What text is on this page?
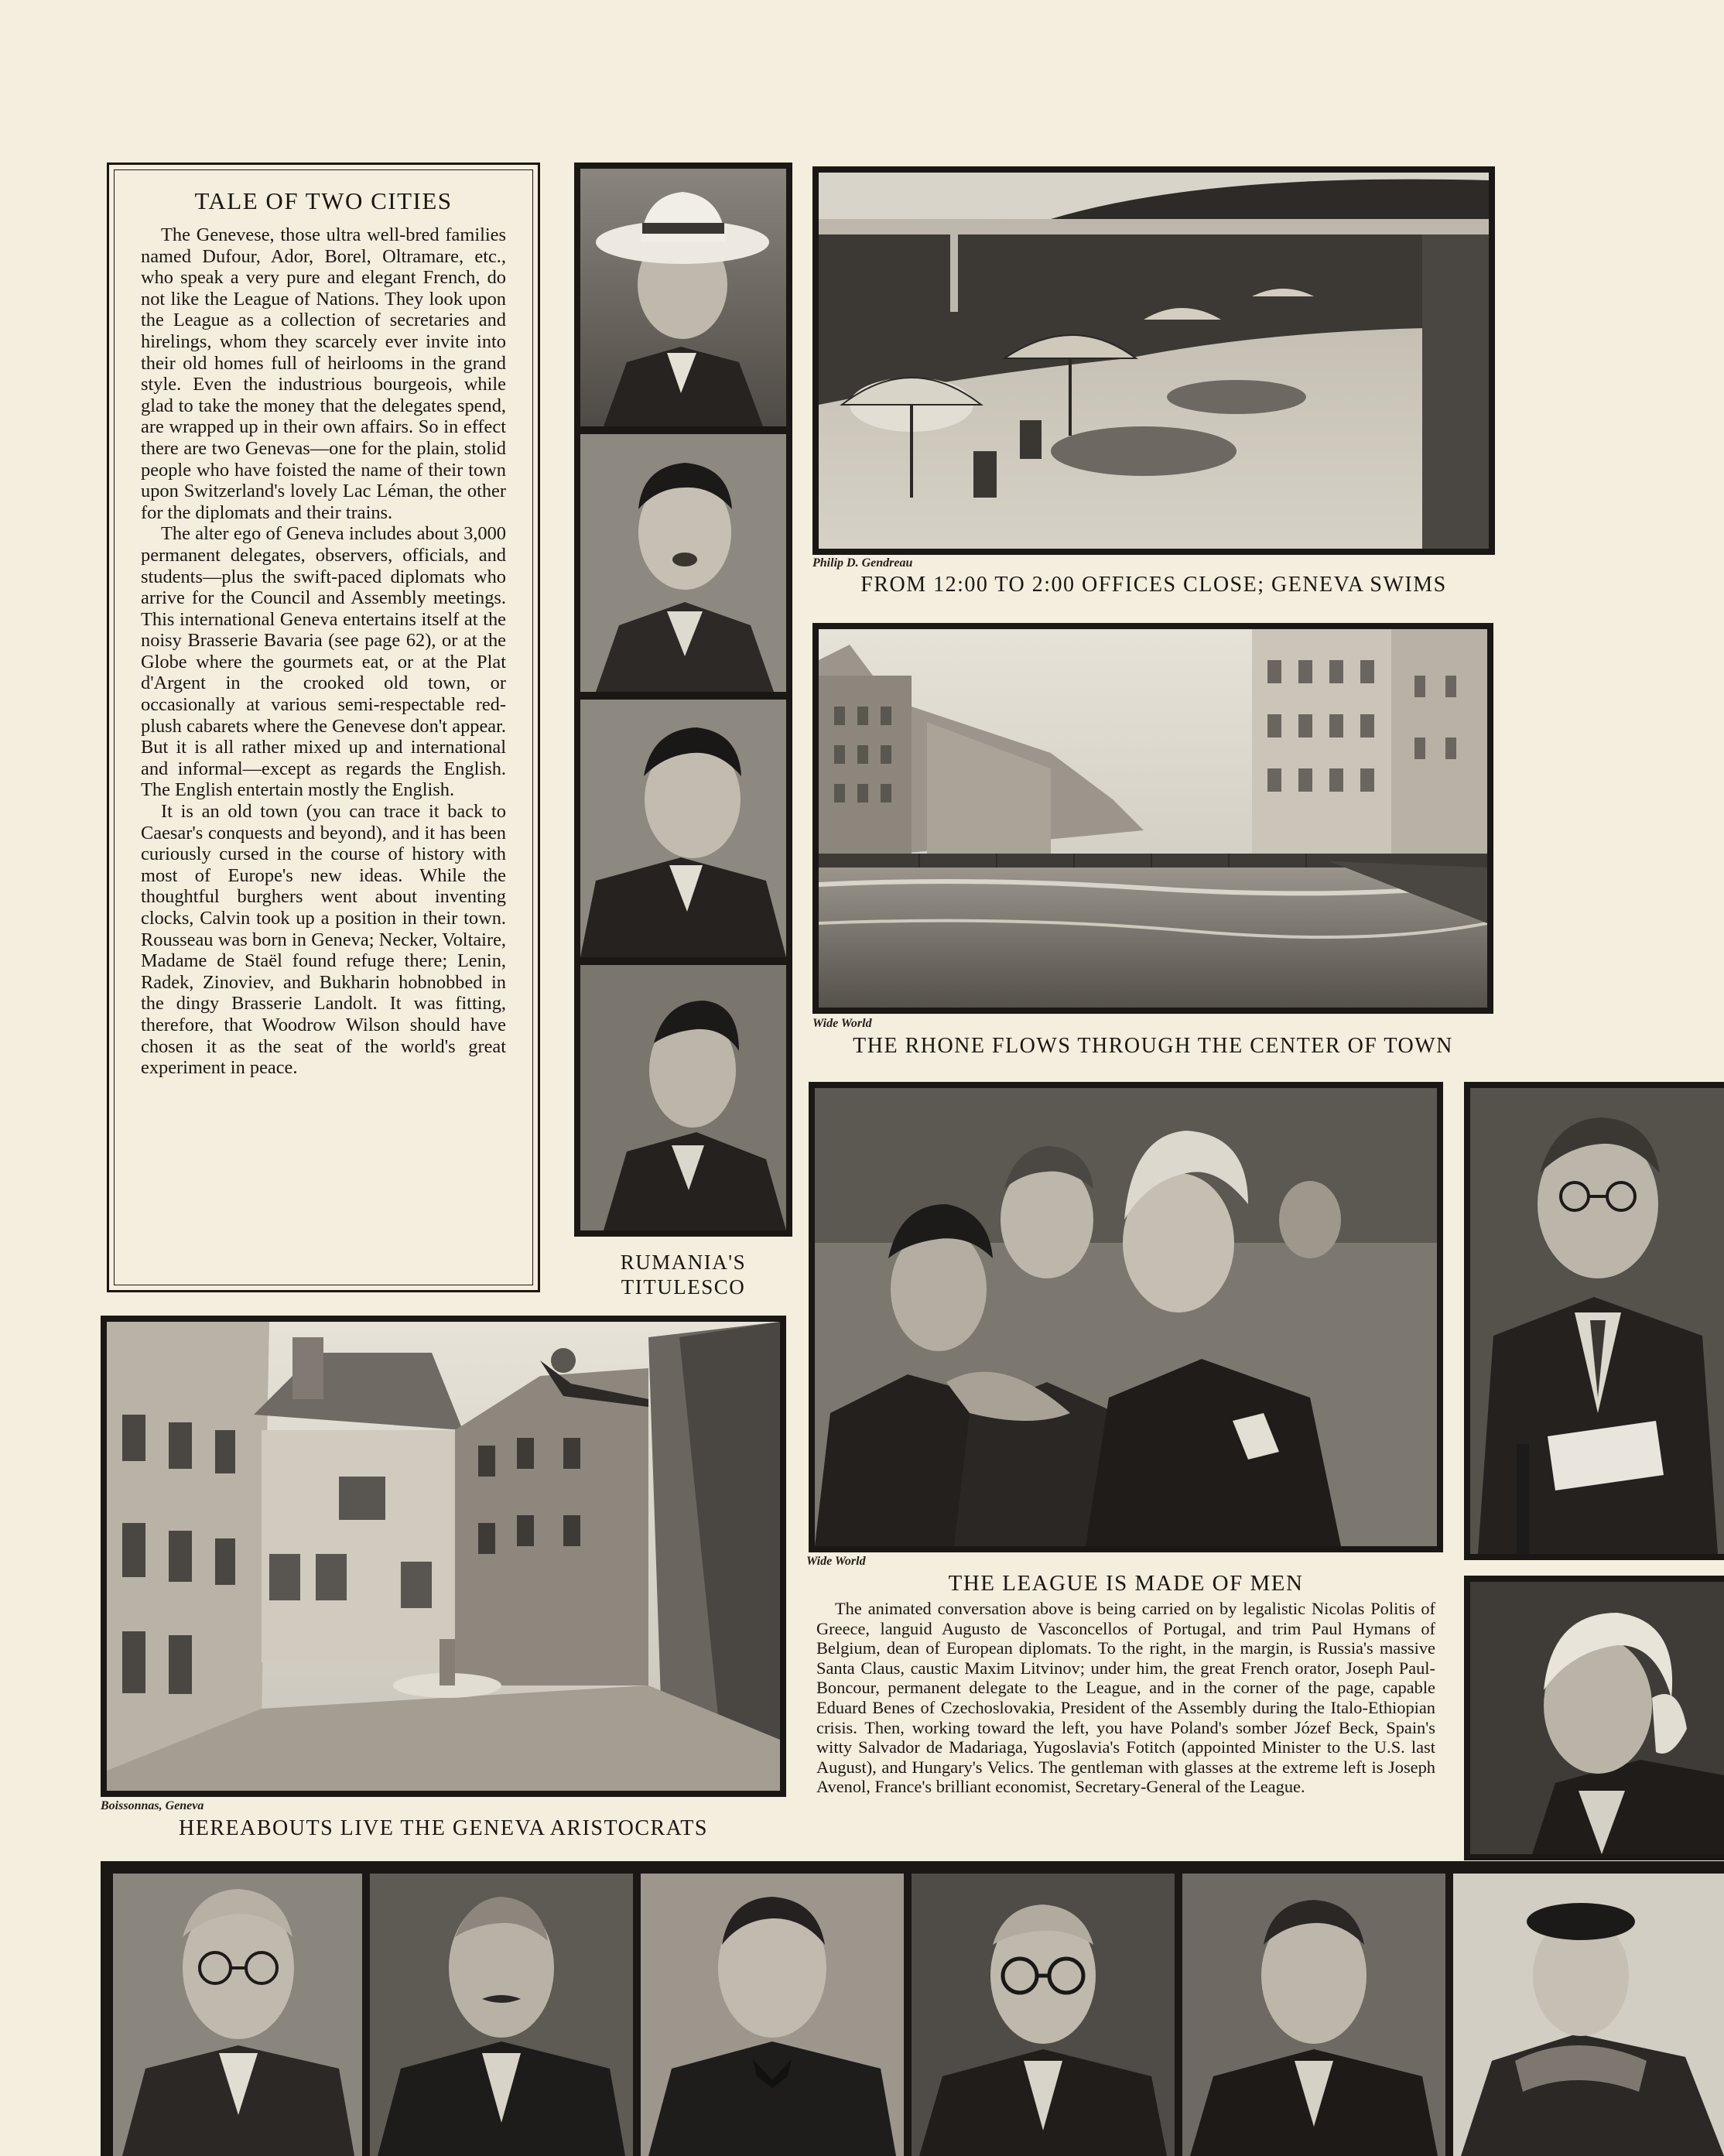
TALE OF TWO CITIES

The Genevese, those ultra well-bred families named Dufour, Ador, Borel, Oltramare, etc., who speak a very pure and elegant French, do not like the League of Nations. They look upon the League as a collection of secretaries and hirelings, whom they scarcely ever invite into their old homes full of heirlooms in the grand style. Even the industrious bourgeois, while glad to take the money that the delegates spend, are wrapped up in their own affairs. So in effect there are two Genevas—one for the plain, stolid people who have foisted the name of their town upon Switzerland's lovely Lac Léman, the other for the diplomats and their trains.

The alter ego of Geneva includes about 3,000 permanent delegates, observers, officials, and students—plus the swift-paced diplomats who arrive for the Council and Assembly meetings. This international Geneva entertains itself at the noisy Brasserie Bavaria (see page 62), or at the Globe where the gourmets eat, or at the Plat d'Argent in the crooked old town, or occasionally at various semi-respectable red-plush cabarets where the Genevese don't appear. But it is all rather mixed up and international and informal—except as regards the English. The English entertain mostly the English.

It is an old town (you can trace it back to Caesar's conquests and beyond), and it has been curiously cursed in the course of history with most of Europe's new ideas. While the thoughtful burghers went about inventing clocks, Calvin took up a position in their town. Rousseau was born in Geneva; Necker, Voltaire, Madame de Staël found refuge there; Lenin, Radek, Zinoviev, and Bukharin hobnobbed in the dingy Brasserie Landolt. It was fitting, therefore, that Woodrow Wilson should have chosen it as the seat of the world's great experiment in peace.

RUMANIA'S
TITULESCO
Philip D. Gendreau
FROM 12:00 TO 2:00 OFFICES CLOSE; GENEVA SWIMS
Wide World
THE RHONE FLOWS THROUGH THE CENTER OF TOWN
Wide World
THE LEAGUE IS MADE OF MEN
The animated conversation above is being carried on by legalistic Nicolas Politis of Greece, languid Augusto de Vasconcellos of Portugal, and trim Paul Hymans of Belgium, dean of European diplomats. To the right, in the margin, is Russia's massive Santa Claus, caustic Maxim Litvinov; under him, the great French orator, Joseph Paul-Boncour, permanent delegate to the League, and in the corner of the page, capable Eduard Benes of Czechoslovakia, President of the Assembly during the Italo-Ethiopian crisis. Then, working toward the left, you have Poland's somber Józef Beck, Spain's witty Salvador de Madariaga, Yugoslavia's Fotitch (appointed Minister to the U.S. last August), and Hungary's Velics. The gentleman with glasses at the extreme left is Joseph Avenol, France's brilliant economist, Secretary-General of the League.
Boissonnas, Geneva
HEREABOUTS LIVE THE GENEVA ARISTOCRATS
